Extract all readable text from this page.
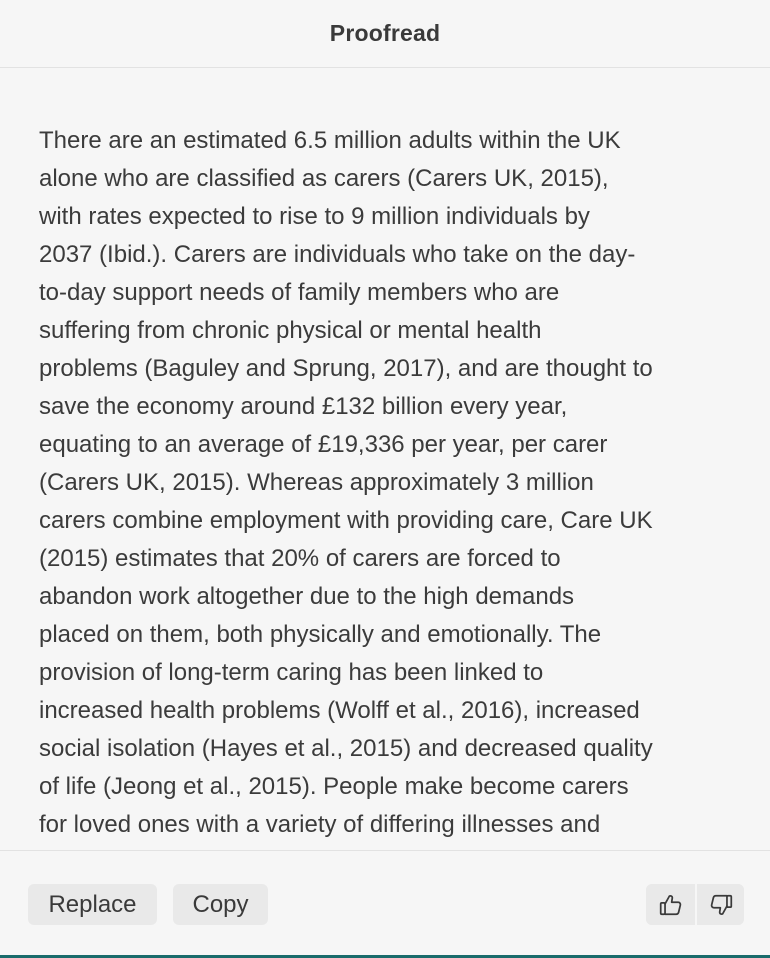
Proofread
There are an estimated 6.5 million adults within the UK
alone who are classified as carers (Carers UK, 2015),
with rates expected to rise to 9 million individuals by
2037 (Ibid.). Carers are individuals who take on the day-
to-day support needs of family members who are
suffering from chronic physical or mental health
problems (Baguley and Sprung, 2017), and are thought to
save the economy around £132 billion every year,
equating to an average of £19,336 per year, per carer
(Carers UK, 2015). Whereas approximately 3 million
carers combine employment with providing care, Care UK
(2015) estimates that 20% of carers are forced to
abandon work altogether due to the high demands
placed on them, both physically and emotionally. The
provision of long-term caring has been linked to
increased health problems (Wolff et al., 2016), increased
social isolation (Hayes et al., 2015) and decreased quality
of life (Jeong et al., 2015). People make become carers
for loved ones with a variety of differing illnesses and
Replace	Copy
